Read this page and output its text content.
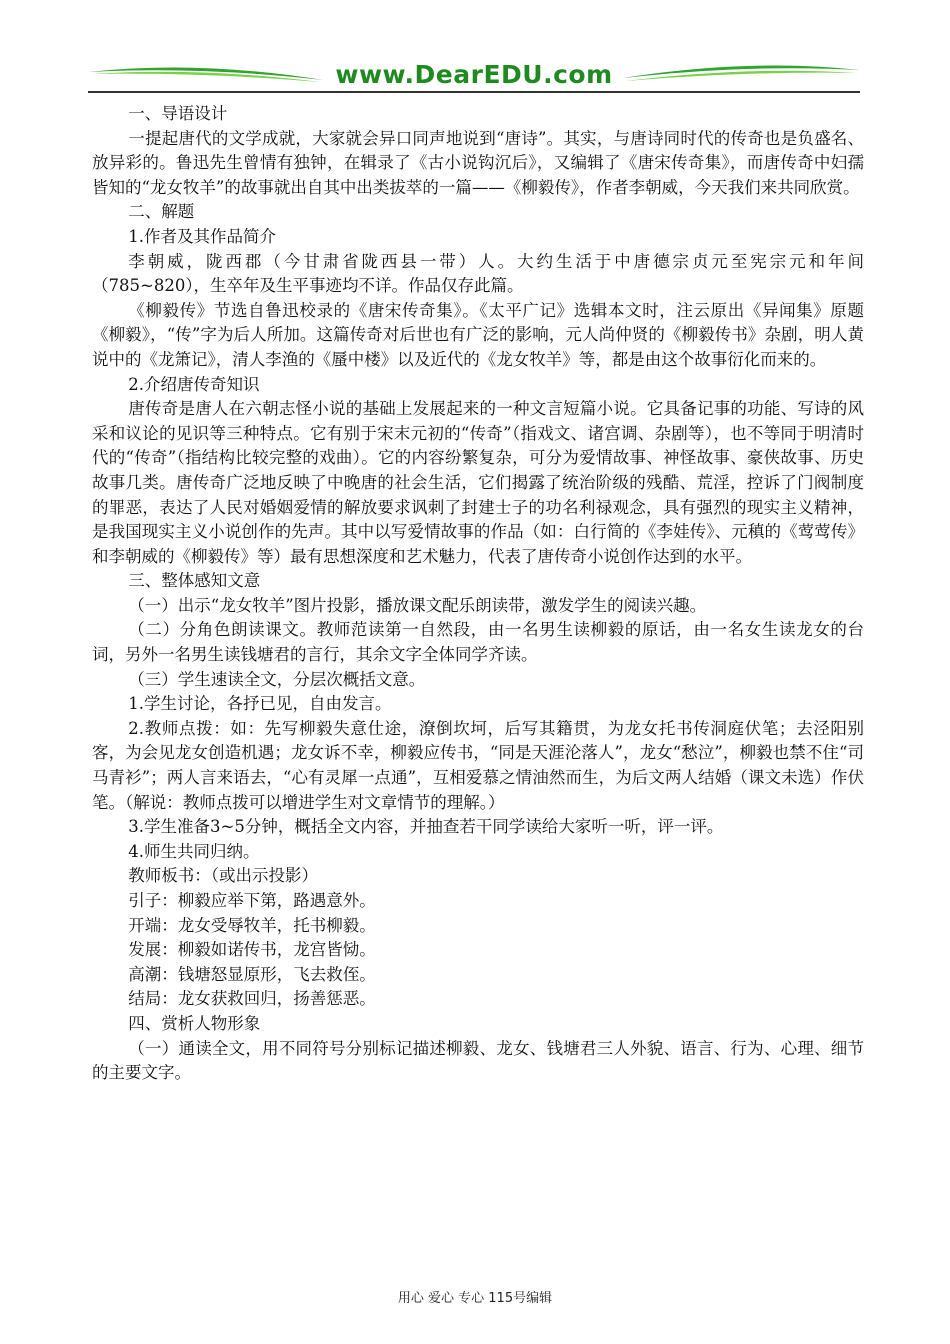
www.DearEDU.com

一、导语设计

一提起唐代的文学成就，大家就会异口同声地说到“唐诗”。其实，与唐诗同时代的传奇也是负盛名、放异彩的。鲁迅先生曾情有独钟，在辑录了《古小说钩沉后》，又编辑了《唐宋传奇集》，而唐传奇中妇孺皆知的“龙女牧羊”的故事就出自其中出类拔萃的一篇——《柳毅传》，作者李朝威，今天我们来共同欣赏。

二、解题

1.作者及其作品简介

李朝威，陇西郡（今甘肃省陇西县一带）人。大约生活于中唐德宗贞元至宪宗元和年间（785~820），生卒年及生平事迹均不详。作品仅存此篇。

《柳毅传》节选自鲁迅校录的《唐宋传奇集》。《太平广记》选辑本文时，注云原出《异闻集》原题《柳毅》，“传”字为后人所加。这篇传奇对后世也有广泛的影响，元人尚仲贤的《柳毅传书》杂剧，明人黄说中的《龙箫记》，清人李渔的《蜃中楼》以及近代的《龙女牧羊》等，都是由这个故事衍化而来的。

2.介绍唐传奇知识

唐传奇是唐人在六朝志怪小说的基础上发展起来的一种文言短篇小说。它具备记事的功能、写诗的风采和议论的见识等三种特点。它有别于宋末元初的“传奇”（指戏文、诸宫调、杂剧等），也不等同于明清时代的“传奇”（指结构比较完整的戏曲）。它的内容纷繁复杂，可分为爱情故事、神怪故事、豪侠故事、历史故事几类。唐传奇广泛地反映了中晚唐的社会生活，它们揭露了统治阶级的残酷、荒淫，控诉了门阀制度的罪恶，表达了人民对婚姻爱情的解放要求讽刺了封建士子的功名利禄观念，具有强烈的现实主义精神，是我国现实主义小说创作的先声。其中以写爱情故事的作品（如：白行简的《李娃传》、元稹的《莺莺传》和李朝威的《柳毅传》等）最有思想深度和艺术魅力，代表了唐传奇小说创作达到的水平。

三、整体感知文意

（一）出示“龙女牧羊”图片投影，播放课文配乐朗读带，激发学生的阅读兴趣。

（二）分角色朗读课文。教师范读第一自然段，由一名男生读柳毅的原话，由一名女生读龙女的台词，另外一名男生读钱塘君的言行，其余文字全体同学齐读。

（三）学生速读全文，分层次概括文意。

1.学生讨论，各抒已见，自由发言。

2.教师点拨：如：先写柳毅失意仕途，潦倒坎坷，后写其籍贯，为龙女托书传洞庭伏笔；去泾阳别客，为会见龙女创造机遇；龙女诉不幸，柳毅应传书，“同是天涯沦落人”，龙女“愁泣”，柳毅也禁不住“司马青衫”；两人言来语去，“心有灵犀一点通”，互相爱慕之情油然而生，为后文两人结婚（课文未选）作伏笔。（解说：教师点拨可以增进学生对文章情节的理解。）

3.学生准备3~5分钟，概括全文内容，并抽查若干同学读给大家听一听，评一评。

4.师生共同归纳。

教师板书：（或出示投影）

引子：柳毅应举下第，路遇意外。

开端：龙女受辱牧羊，托书柳毅。

发展：柳毅如诺传书，龙宫皆恸。

高潮：钱塘怒显原形，飞去救侄。

结局：龙女获救回归，扬善惩恶。

四、赏析人物形象

（一）通读全文，用不同符号分别标记描述柳毅、龙女、钱塘君三人外貌、语言、行为、心理、细节的主要文字。

用心 爱心 专心 115号编辑
